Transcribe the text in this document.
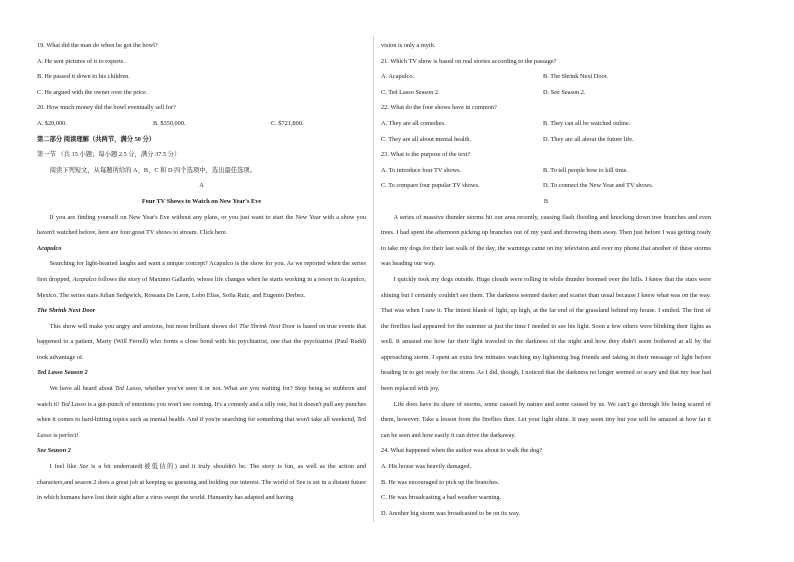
19. What did the man do when he got the bowl?
A. He sent pictures of it to experts.
B. He passed it down to his children.
C. He argued with the owner over the price.
20. How much money did the bowl eventually sell for?
A. $20,000.	B. $350,000.	C. $721,800.
第二部分 阅读理解（共两节，满分 50 分）
第一节 （共 15 小题；每小题 2.5 分，满分 37.5 分）
阅读下列短文，从每题所给的 A、B、C 和 D 四个选项中，选出最佳选项。
A
Four TV Shows to Watch on New Year's Eve
If you are finding yourself on New Year's Eve without any plans, or you just want to start the New Year with a show you haven't watched before, here are four great TV shows to stream. Click here.
Acapulco
Searching for light-hearted laughs and want a unique concept? Acapulco is the show for you. As we reported when the series first dropped, Acapulco follows the story of Maximo Gallardo, whose life changes when he starts working in a resort in Acapulco, Mexico. The series stars Julian Sedgwick, Rossana De Leon, Lobo Elias, Sofia Ruiz, and Eugenio Derbez.
The Shrink Next Door
This show will make you angry and anxious, but most brilliant shows do! The Shrink Next Door is based on true events that happened to a patient, Marty (Will Ferrell) who forms a close bond with his psychiatrist, one that the psychiatrist (Paul Rudd) took advantage of.
Ted Lasso Season 2
We have all heard about Ted Lasso, whether you've seen it or not. What are you waiting for? Stop being so stubborn and watch it! Ted Lasso is a gut-punch of emotions you won't see coming. It's a comedy and a silly one, but it doesn't pull any punches when it comes to hard-hitting topics such as mental health. And if you're searching for something that won't take all weekend, Ted Lasso is perfect!
See Season 2
I feel like See is a bit underrated(被低估的) and it truly shouldn't be. The story is fun, as well as the action and characters,and season 2 does a great job at keeping us guessing and holding our interest. The world of See is set in a distant future in which humans have lost their sight after a virus swept the world. Humanity has adapted and having
vision is only a myth.
21. Which TV show is based on real stories according to the passage?
A. Acapulco.	B. The Shrink Next Door.
C. Ted Lasso Season 2.	D. See Season 2.
22. What do the four shows have in common?
A. They are all comedies.	B. They can all be watched online.
C. They are all about mental health.	D. They are all about the future life.
23. What is the purpose of the text?
A. To introduce four TV shows.	B. To tell people how to kill time.
C. To compare four popular TV shows.	D. To connect the New Year and TV shows.
B
A series of massive thunder storms hit our area recently, causing flash flooding and knocking down tree branches and even trees. I had spent the afternoon picking up branches out of my yard and throwing them away. Then just before I was getting ready to take my dogs for their last walk of the day, the warnings came on my television and over my phone that another of these storms was heading our way.
I quickly took my dogs outside. Huge clouds were rolling in while thunder boomed over the hills. I knew that the stars were shining but I certainly couldn't see them. The darkness seemed darker and scarier than usual because I knew what was on the way. That was when I saw it. The tiniest blank of light, up high, at the far end of the grassland behind my house. I smiled. The first of the fireflies had appeared for the summer at just the time I needed to see his light. Soon a few others were blinking their lights as well. It amazed me how far their light traveled in the darkness of the night and how they didn't seem bothered at all by the approaching storm. I spent an extra few minutes watching my lightening bug friends and taking in their message of light before heading in to get ready for the storm. As I did, though, I noticed that the darkness no longer seemed so scary and that my fear had been replaced with joy.
Life does have its share of storms, some caused by nature and some caused by us. We can't go through life being scared of them, however. Take a lesson from the fireflies then. Let your light shine. It may seem tiny but you will be amazed at how far it can be seen and how easily it can drive the darkaway.
24. What happened when the author was about to walk the dog?
A. His house was heavily damaged.
B. He was encouraged to pick up the branches.
C. He was broadcasting a bad weather warning.
D. Another big storm was broadcasted to be on its way.
